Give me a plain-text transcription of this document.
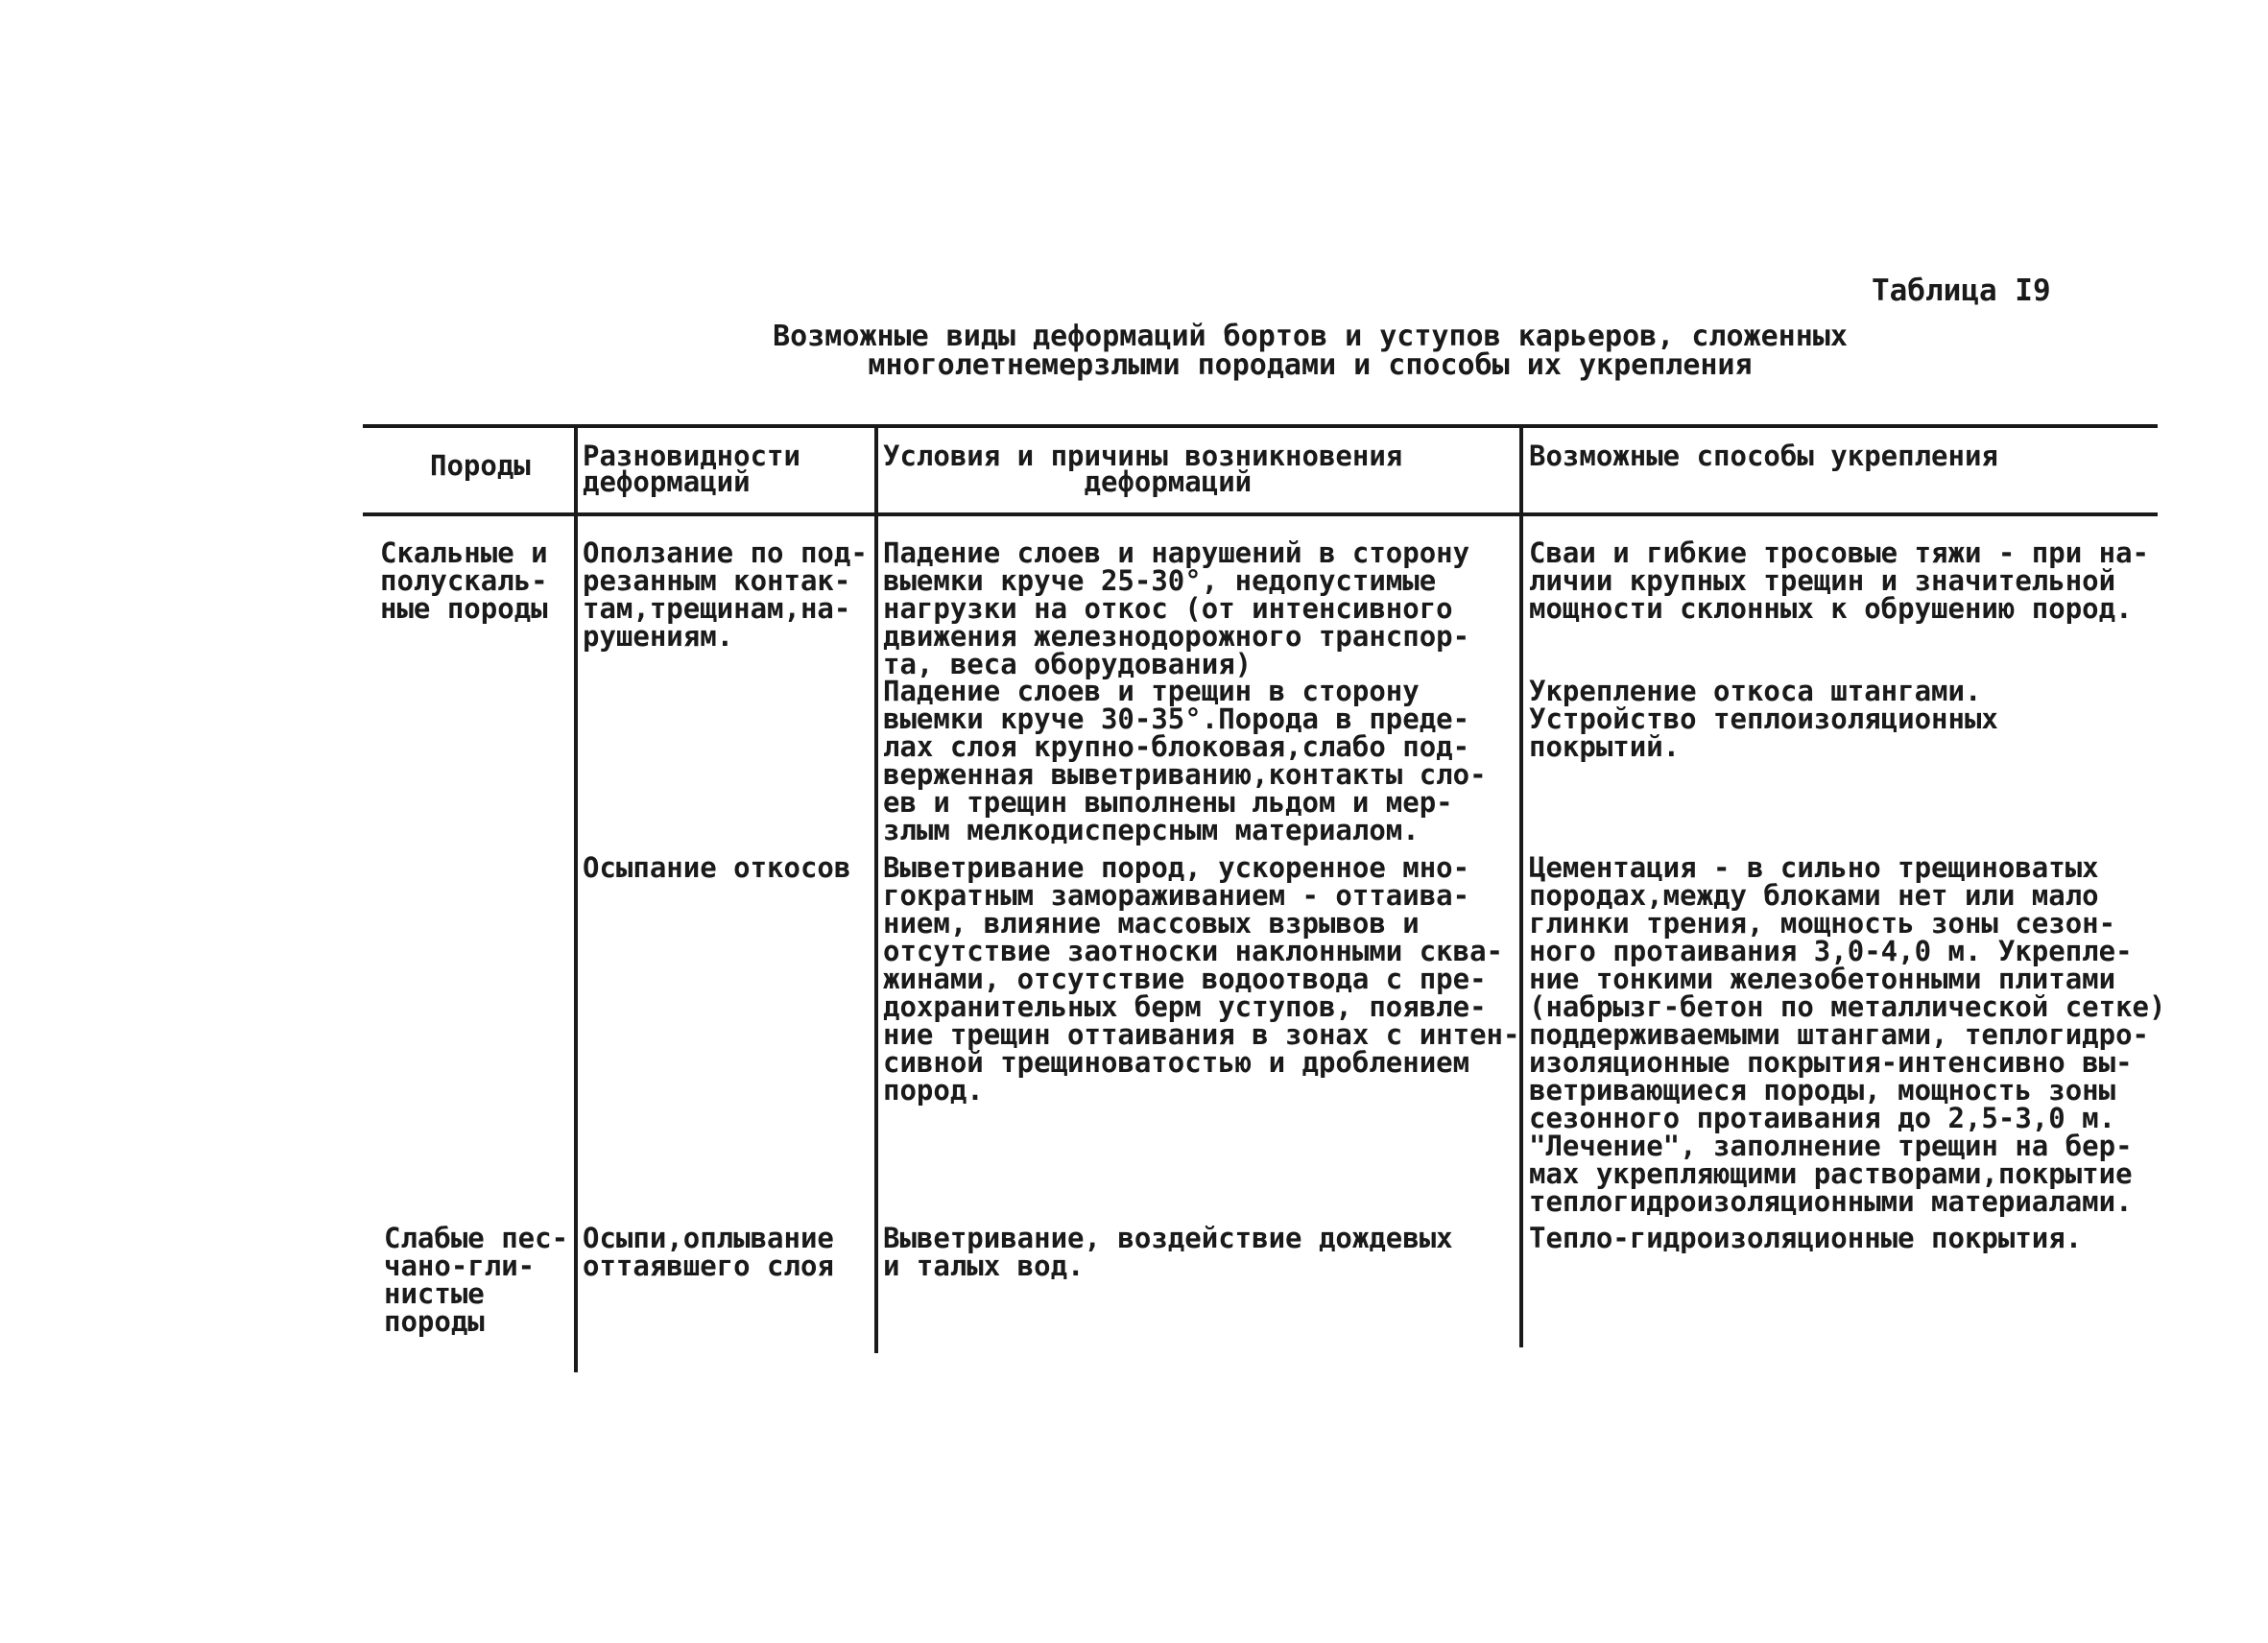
Таблица I9
Возможные виды деформаций бортов и уступов карьеров, сложенных
многолетнемерзлыми породами и способы их укрепления
Породы Разновидности
деформаций
Условия и причины возникновения
деформаций
Возможные способы укрепления
Скальные и
полускаль-
ные породы
Оползание по под-
резанным контак-
там,трещинам,на-
рушениям.
Падение слоев и нарушений в сторону
выемки круче 25-30°, недопустимые
нагрузки на откос (от интенсивного
движения железнодорожного транспор-
та, веса оборудования)
Сваи и гибкие тросовые тяжи - при на-
личии крупных трещин и значительной
мощности склонных к обрушению пород.
Падение слоев и трещин в сторону
выемки круче 30-35°.Порода в преде-
лах слоя крупно-блоковая,слабо под-
верженная выветриванию,контакты сло-
ев и трещин выполнены льдом и мер-
злым мелкодисперсным материалом.
Укрепление откоса штангами.
Устройство теплоизоляционных
покрытий.
Осыпание откосов Выветривание пород, ускоренное мно-
гократным замораживанием - оттаива-
нием, влияние массовых взрывов и
отсутствие заотноски наклонными сква-
жинами, отсутствие водоотвода с пре-
дохранительных берм уступов, появле-
ние трещин оттаивания в зонах с интен-
сивной трещиноватостью и дроблением
пород.
Цементация - в сильно трещиноватых
породах,между блоками нет или мало
глинки трения, мощность зоны сезон-
ного протаивания 3,0-4,0 м. Укрепле-
ние тонкими железобетонными плитами
(набрызг-бетон по металлической сетке)
поддерживаемыми штангами, теплогидро-
изоляционные покрытия-интенсивно вы-
ветривающиеся породы, мощность зоны
сезонного протаивания до 2,5-3,0 м.
"Лечение", заполнение трещин на бер-
мах укрепляющими растворами,покрытие
теплогидроизоляционными материалами.
Слабые пес-
чано-гли-
нистые
породы
Осыпи,оплывание
оттаявшего слоя
Выветривание, воздействие дождевых
и талых вод.
Тепло-гидроизоляционные покрытия.
